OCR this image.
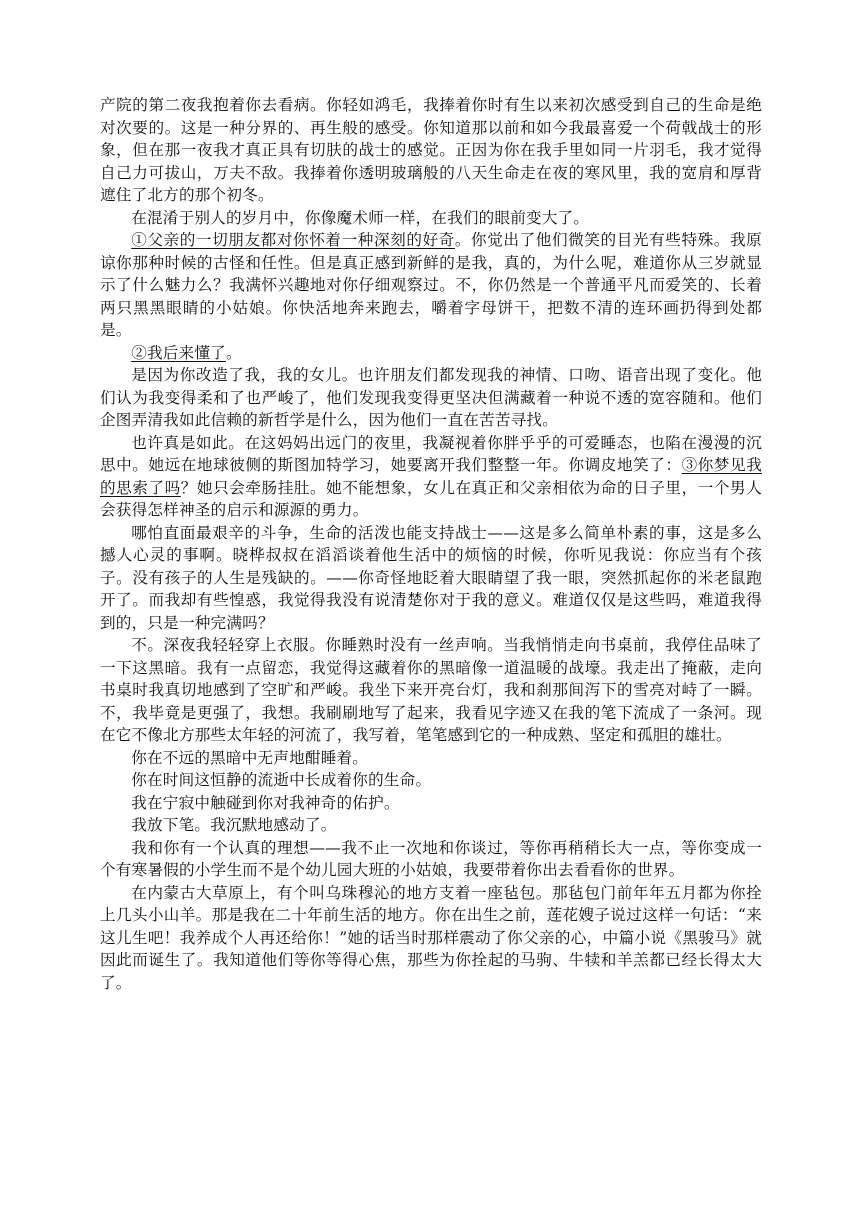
产院的第二夜我抱着你去看病。你轻如鸿毛，我捧着你时有生以来初次感受到自己的生命是绝对次要的。这是一种分界的、再生般的感受。你知道那以前和如今我最喜爱一个荷戟战士的形象，但在那一夜我才真正具有切肤的战士的感觉。正因为你在我手里如同一片羽毛，我才觉得自己力可拔山，万夫不敌。我捧着你透明玻璃般的八天生命走在夜的寒风里，我的宽肩和厚背遮住了北方的那个初冬。

在混淆于别人的岁月中，你像魔术师一样，在我们的眼前变大了。

①父亲的一切朋友都对你怀着一种深刻的好奇。你觉出了他们微笑的目光有些特殊。我原谅你那种时候的古怪和任性。但是真正感到新鲜的是我，真的，为什么呢，难道你从三岁就显示了什么魅力么？我满怀兴趣地对你仔细观察过。不，你仍然是一个普通平凡而爱笑的、长着两只黑黑眼睛的小姑娘。你快活地奔来跑去，嚼着字母饼干，把数不清的连环画扔得到处都是。

②我后来懂了。

是因为你改造了我，我的女儿。也许朋友们都发现我的神情、口吻、语音出现了变化。他们认为我变得柔和了也严峻了，他们发现我变得更坚决但满藏着一种说不透的宽容随和。他们企图弄清我如此信赖的新哲学是什么，因为他们一直在苦苦寻找。

也许真是如此。在这妈妈出远门的夜里，我凝视着你胖乎乎的可爱睡态，也陷在漫漫的沉思中。她远在地球彼侧的斯图加特学习，她要离开我们整整一年。你调皮地笑了：③你梦见我的思索了吗？她只会牵肠挂肚。她不能想象，女儿在真正和父亲相依为命的日子里，一个男人会获得怎样神圣的启示和源源的勇力。

哪怕直面最艰辛的斗争，生命的活泼也能支持战士——这是多么简单朴素的事，这是多么撼人心灵的事啊。晓桦叔叔在滔滔谈着他生活中的烦恼的时候，你听见我说：你应当有个孩子。没有孩子的人生是残缺的。——你奇怪地眨着大眼睛望了我一眼，突然抓起你的米老鼠跑开了。而我却有些惶惑，我觉得我没有说清楚你对于我的意义。难道仅仅是这些吗，难道我得到的，只是一种完满吗？

不。深夜我轻轻穿上衣服。你睡熟时没有一丝声响。当我悄悄走向书桌前，我停住品味了一下这黑暗。我有一点留恋，我觉得这藏着你的黑暗像一道温暖的战壕。我走出了掩蔽，走向书桌时我真切地感到了空旷和严峻。我坐下来开亮台灯，我和刹那间泻下的雪亮对峙了一瞬。不，我毕竟是更强了，我想。我刷刷地写了起来，我看见字迹又在我的笔下流成了一条河。现在它不像北方那些太年轻的河流了，我写着，笔笔感到它的一种成熟、坚定和孤胆的雄壮。

你在不远的黑暗中无声地酣睡着。

你在时间这恒静的流逝中长成着你的生命。

我在宁寂中触碰到你对我神奇的佑护。

我放下笔。我沉默地感动了。

我和你有一个认真的理想——我不止一次地和你谈过，等你再稍稍长大一点，等你变成一个有寒暑假的小学生而不是个幼儿园大班的小姑娘，我要带着你出去看看你的世界。

在内蒙古大草原上，有个叫乌珠穆沁的地方支着一座毡包。那毡包门前年年五月都为你拴上几头小山羊。那是我在二十年前生活的地方。你在出生之前，莲花嫂子说过这样一句话：“来这儿生吧！我养成个人再还给你！”她的话当时那样震动了你父亲的心，中篇小说《黑骏马》就因此而诞生了。我知道他们等你等得心焦，那些为你拴起的马驹、牛犊和羊羔都已经长得太大了。
